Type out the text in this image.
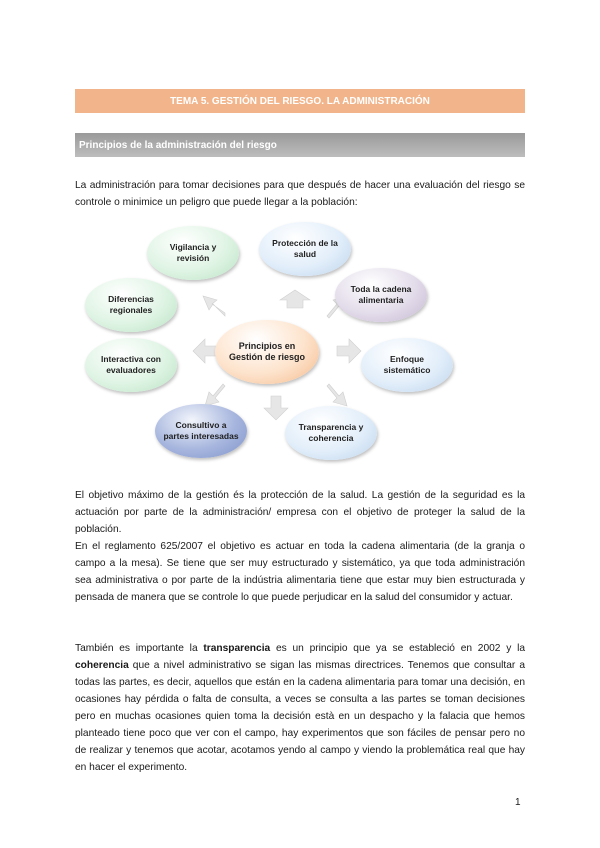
TEMA 5. GESTIÓN DEL RIESGO. LA ADMINISTRACIÓN
Principios de la administración del riesgo

La administración para tomar decisiones para que después de hacer una evaluación del riesgo se controle o minimice un peligro que puede llegar a la población:

Vigilancia y revisión
Protección de la salud
Toda la cadena alimentaria
Enfoque sistemático
Transparencia y coherencia
Consultivo a partes interesadas
Interactiva con evaluadores
Diferencias regionales
Principios en Gestión de riesgo

El objetivo máximo de la gestión és la protección de la salud. La gestión de la seguridad es la actuación por parte de la administración/ empresa con el objetivo de proteger la salud de la población.

En el reglamento 625/2007 el objetivo es actuar en toda la cadena alimentaria (de la granja o campo a la mesa). Se tiene que ser muy estructurado y sistemático, ya que toda administración sea administrativa o por parte de la indústria alimentaria tiene que estar muy bien estructurada y pensada de manera que se controle lo que puede perjudicar en la salud del consumidor y actuar.

También es importante la transparencia es un principio que ya se estableció en 2002 y la coherencia que a nivel administrativo se sigan las mismas directrices. Tenemos que consultar a todas las partes, es decir, aquellos que están en la cadena alimentaria para tomar una decisión, en ocasiones hay pérdida o falta de consulta, a veces se consulta a las partes se toman decisiones pero en muchas ocasiones quien toma la decisión està en un despacho y la falacia que hemos planteado tiene poco que ver con el campo, hay experimentos que son fáciles de pensar pero no de realizar y tenemos que acotar, acotamos yendo al campo y viendo la problemática real que hay en hacer el experimento.

1
